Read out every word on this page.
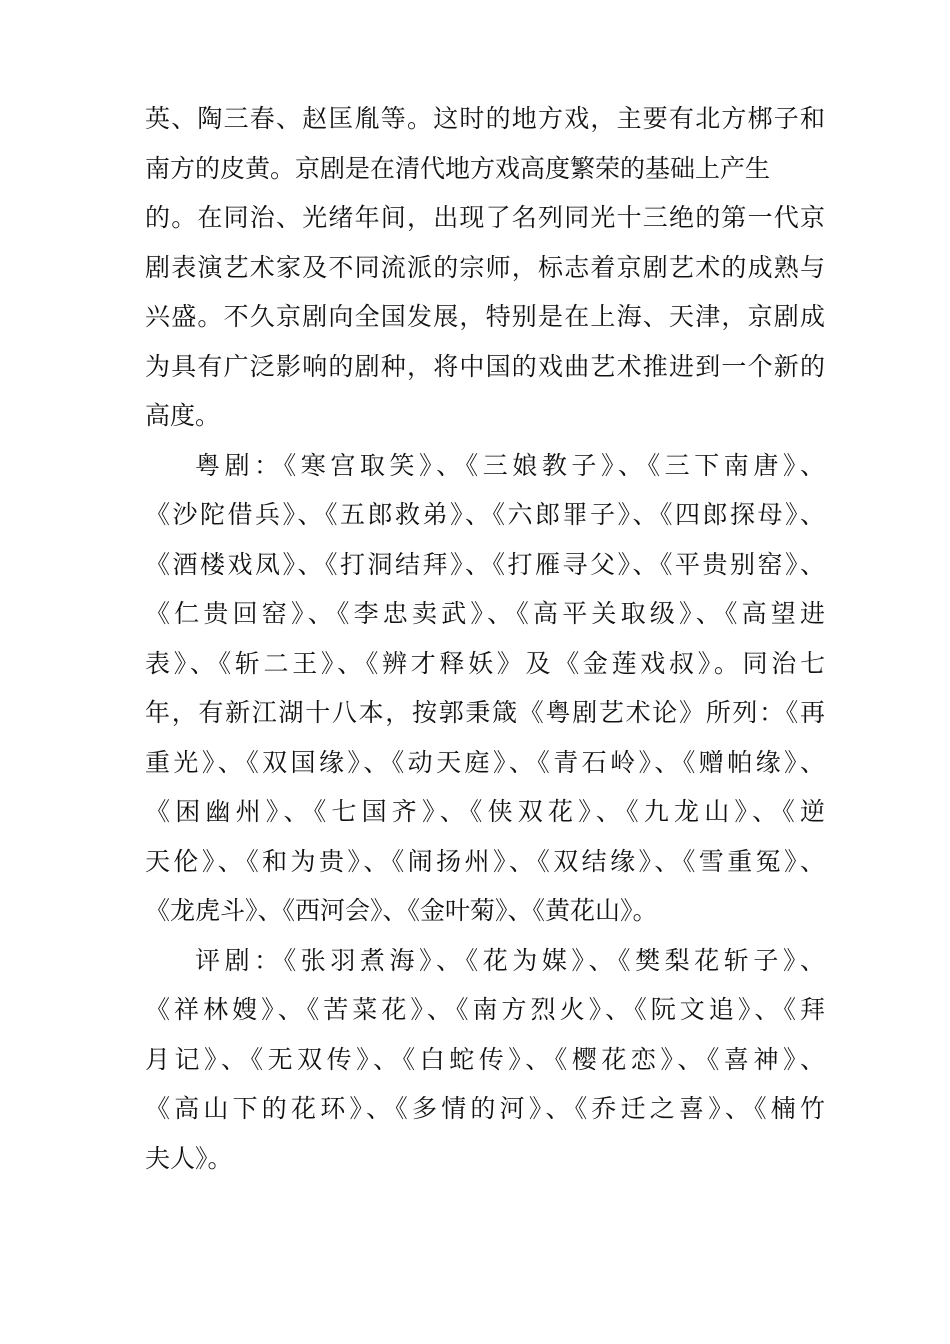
英、陶三春、赵匡胤等。这时的地方戏，主要有北方梆子和
南方的皮黄。京剧是在清代地方戏高度繁荣的基础上产生
的。在同治、光绪年间，出现了名列同光十三绝的第一代京
剧表演艺术家及不同流派的宗师，标志着京剧艺术的成熟与
兴盛。不久京剧向全国发展，特别是在上海、天津，京剧成
为具有广泛影响的剧种，将中国的戏曲艺术推进到一个新的
高度。
粤剧：《寒宫取笑》、《三娘教子》、《三下南唐》、
《沙陀借兵》、《五郎救弟》、《六郎罪子》、《四郎探母》、
《酒楼戏凤》、《打洞结拜》、《打雁寻父》、《平贵别窑》、
《仁贵回窑》、《李忠卖武》、《高平关取级》、《高望进
表》、《斩二王》、《辨才释妖》及《金莲戏叔》。同治七
年，有新江湖十八本，按郭秉箴《粤剧艺术论》所列：《再
重光》、《双国缘》、《动天庭》、《青石岭》、《赠帕缘》、
《困幽州》、《七国齐》、《侠双花》、《九龙山》、《逆
天伦》、《和为贵》、《闹扬州》、《双结缘》、《雪重冤》、
《龙虎斗》、《西河会》、《金叶菊》、《黄花山》。
评剧：《张羽煮海》、《花为媒》、《樊梨花斩子》、
《祥林嫂》、《苦菜花》、《南方烈火》、《阮文追》、《拜
月记》、《无双传》、《白蛇传》、《樱花恋》、《喜神》、
《高山下的花环》、《多情的河》、《乔迁之喜》、《楠竹
夫人》。
